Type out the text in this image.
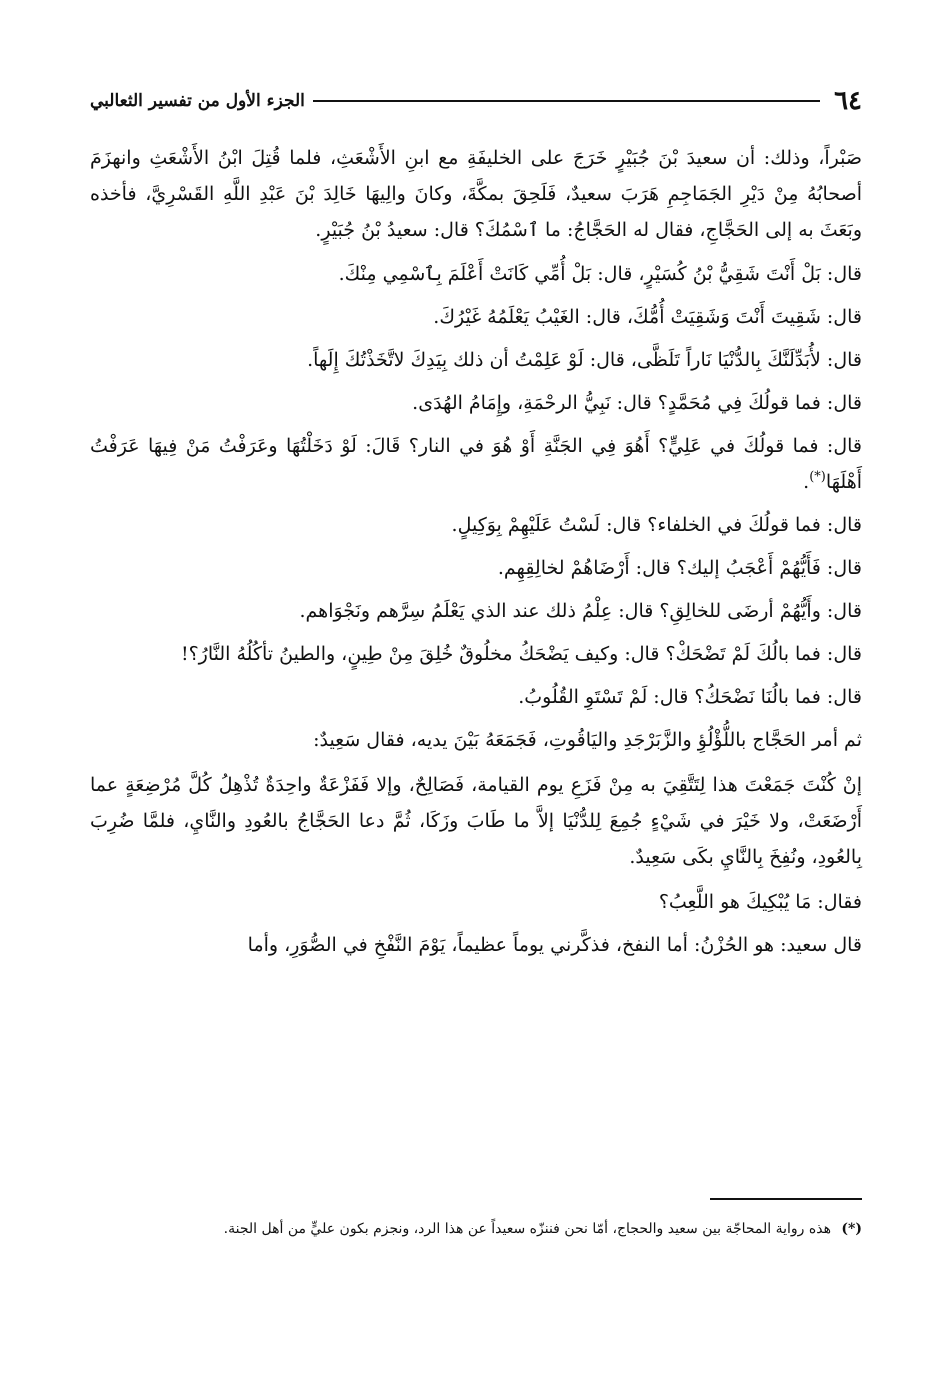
٦٤
الجزء الأول من تفسير الثعالبي

صَبْراً، وذلك: أن سعيدَ بْنَ جُبَيْرٍ خَرَجَ على الخليفَةِ مع ابنِ الأَشْعَثِ، فلما قُتِلَ ابْنُ الأَشْعَثِ وانهزَمَ أصحابُهُ مِنْ دَيْرِ الجَمَاجِمِ هَرَبَ سعيدٌ، فَلَحِقَ بمكَّةَ، وكانَ والِيهَا خَالِدَ بْنَ عَبْدِ اللَّهِ القَسْرِيَّ، فأخذه وبَعَثَ به إلى الحَجَّاجِ، فقال له الحَجَّاجُ: ما ٱسْمُكَ؟ قال: سعيدُ بْنُ جُبَيْرٍ.

قال: بَلْ أَنْتَ شَقِيُّ بْنُ كُسَيْرٍ، قال: بَلْ أُمِّي كَانَتْ أَعْلَمَ بِٱسْمِي مِنْكَ.

قال: شَقِيتَ أَنْتَ وَشَقِيَتْ أُمُّكَ، قال: الغَيْبُ يَعْلَمُهُ غَيْرُكَ.

قال: لأُبَدِّلَنَّكَ بِالدُّنْيَا نَاراً تَلَظَّى، قال: لَوْ عَلِمْتُ أن ذلك بِيَدِكَ لاتَّخَذْتُكَ إِلَهاً.

قال: فما قولُكَ فِي مُحَمَّدٍ؟ قال: نَبِيُّ الرحْمَةِ، وإِمَامُ الهُدَى.

قال: فما قولُكَ في عَلِيٍّ؟ أَهُوَ فِي الجَنَّةِ أَوْ هُوَ في النار؟ قَالَ: لَوْ دَخَلْتُهَا وعَرَفْتُ مَنْ فِيهَا عَرَفْتُ أَهْلَهَا(*).

قال: فما قولُكَ في الخلفاء؟ قال: لَسْتُ عَلَيْهِمْ بِوَكِيلٍ.

قال: فَأَيُّهُمْ أَعْجَبُ إليك؟ قال: أَرْضَاهُمْ لخالِقِهِم.

قال: وأَيُّهُمْ أرضَى للخالِقِ؟ قال: عِلْمُ ذلك عند الذي يَعْلَمُ سِرَّهم ونَجْوَاهم.

قال: فما بالُكَ لَمْ تَضْحَكْ؟ قال: وكيف يَضْحَكُ مخلُوقٌ خُلِقَ مِنْ طِينٍ، والطينُ تأكُلُهُ النَّارُ؟!

قال: فما بالُنَا نَضْحَكُ؟ قال: لَمْ تَسْتَوِ القُلُوبُ.

ثم أمر الحَجَّاج باللُّؤْلُؤِ والزَّبَرْجَدِ واليَاقُوتِ، فَجَمَعَهُ بَيْنَ يديه، فقال سَعِيدٌ:

إنْ كُنْتَ جَمَعْتَ هذا لِتَتَّقِيَ به مِنْ فَزَعِ يوم القيامة، فَصَالِحٌ، وإلا فَفَزْعَةٌ واحِدَةٌ تُذْهِلُ كُلَّ مُرْضِعَةٍ عما أَرْضَعَتْ، ولا خَيْرَ في شَيْءٍ جُمِعَ لِلدُّنْيَا إلاَّ ما طَابَ وزَكَا، ثُمَّ دعا الحَجَّاجُ بالعُودِ والنَّايِ، فلمَّا ضُرِبَ بِالعُودِ، ونُفِخَ بِالنَّايِ بكَى سَعِيدٌ.

فقال: مَا يُبْكِيكَ هو اللَّعِبُ؟

قال سعيد: هو الحُزْنُ: أما النفخ، فذكَّرني يوماً عظيماً، يَوْمَ النَّفْخِ في الصُّوَرِ، وأما

(*) هذه رواية المحاجّة بين سعيد والحجاج، أمّا نحن فننزّه سعيداً عن هذا الرد، ونجزم بكون عليٍّ من أهل الجنة.
